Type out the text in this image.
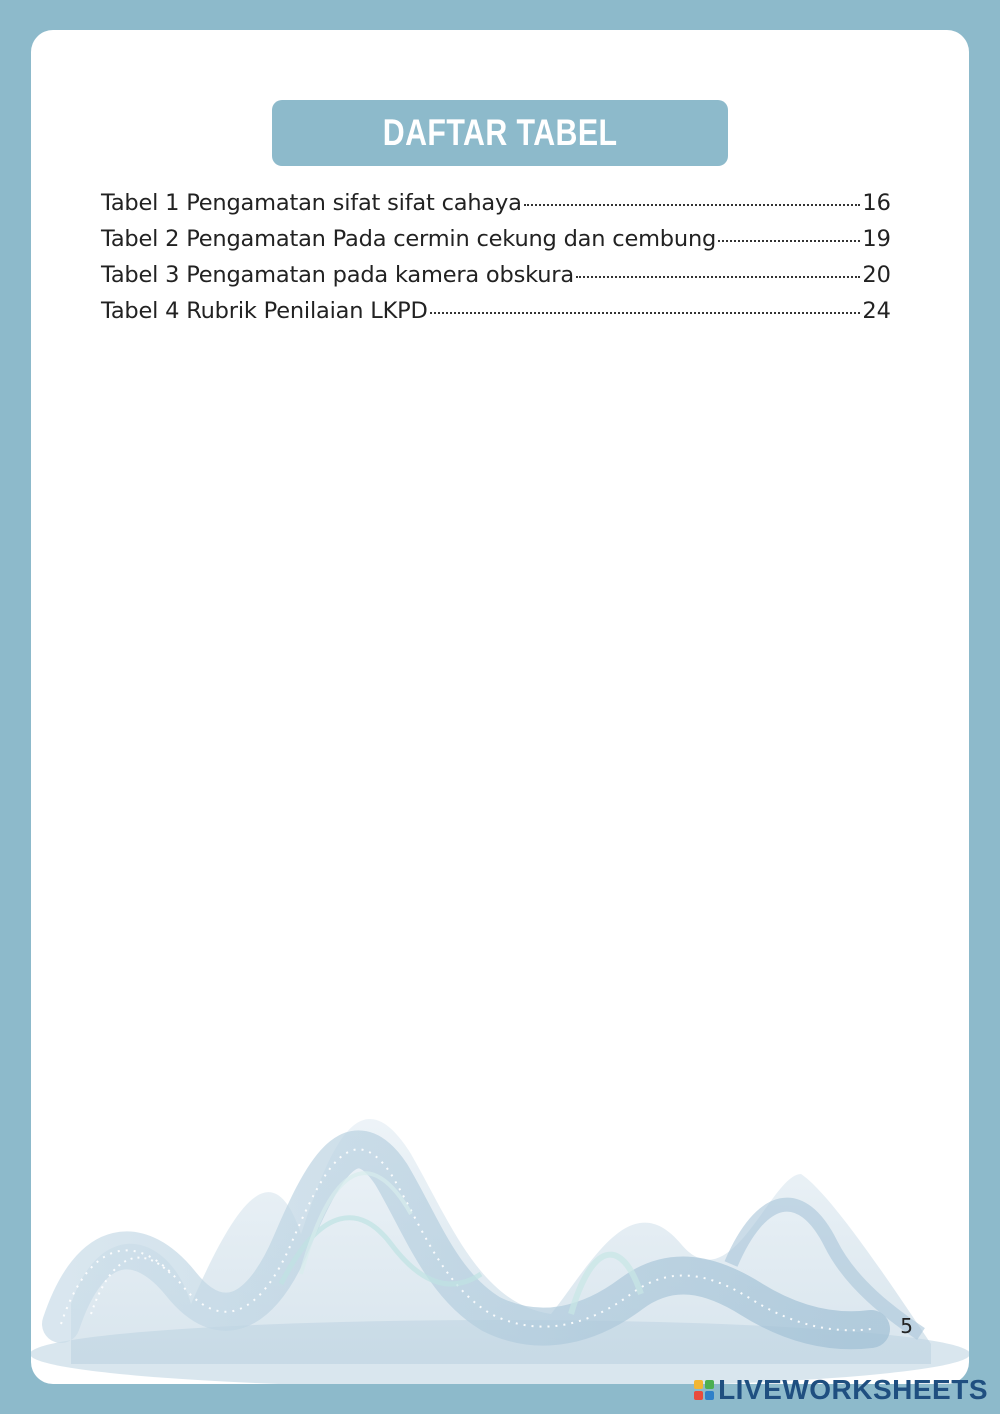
DAFTAR TABEL
Tabel 1 Pengamatan sifat sifat cahaya	16
Tabel 2 Pengamatan Pada cermin cekung dan cembung	19
Tabel 3 Pengamatan pada kamera obskura	20
Tabel 4 Rubrik Penilaian LKPD	24
5
LIVEWORKSHEETS
